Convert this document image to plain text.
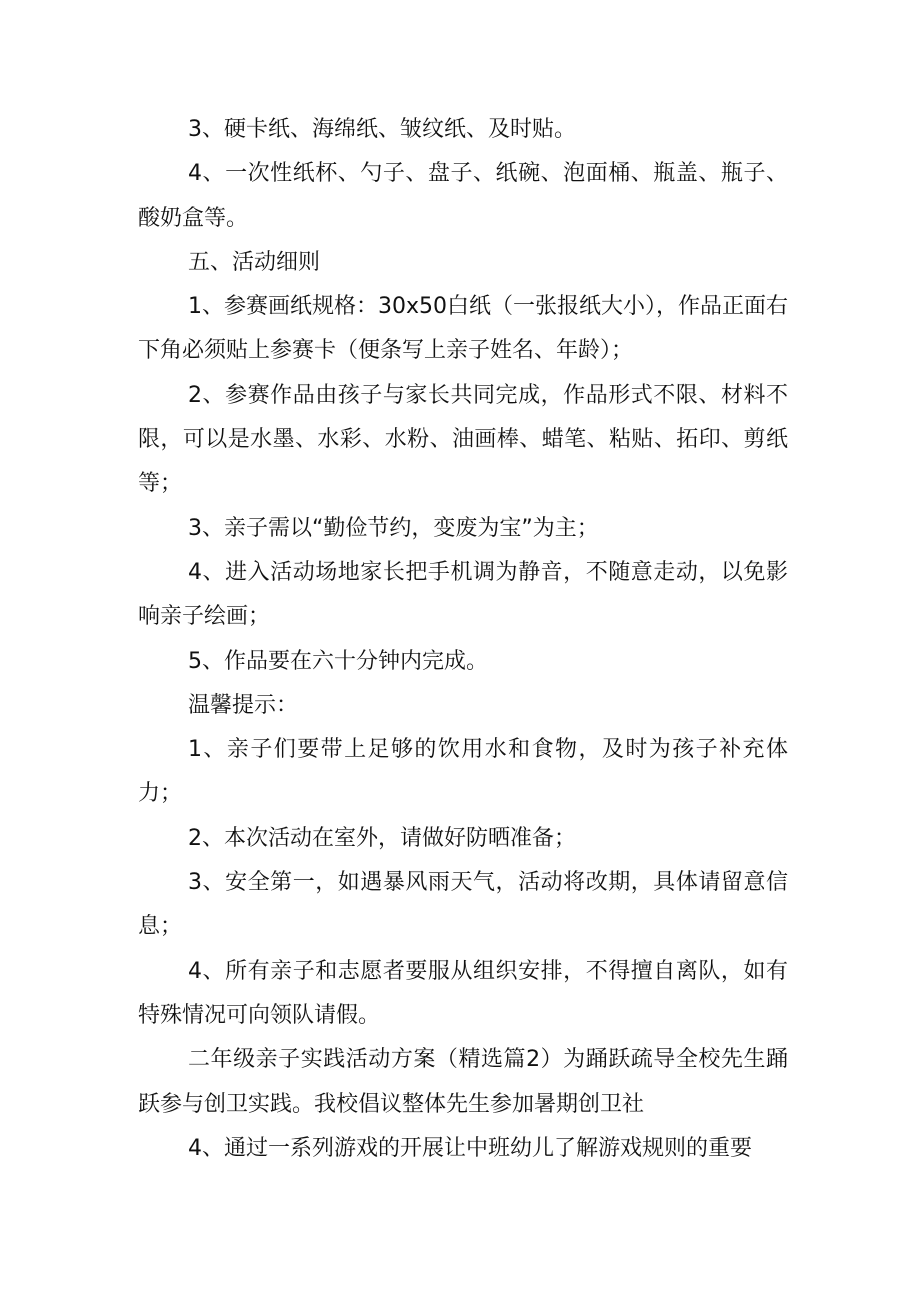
3、硬卡纸、海绵纸、皱纹纸、及时贴。

4、一次性纸杯、勺子、盘子、纸碗、泡面桶、瓶盖、瓶子、酸奶盒等。

五、活动细则

1、参赛画纸规格：30x50白纸（一张报纸大小），作品正面右下角必须贴上参赛卡（便条写上亲子姓名、年龄）；

2、参赛作品由孩子与家长共同完成，作品形式不限、材料不限，可以是水墨、水彩、水粉、油画棒、蜡笔、粘贴、拓印、剪纸等；

3、亲子需以“勤俭节约，变废为宝”为主；

4、进入活动场地家长把手机调为静音，不随意走动，以免影响亲子绘画；

5、作品要在六十分钟内完成。

温馨提示：

1、亲子们要带上足够的饮用水和食物，及时为孩子补充体力；

2、本次活动在室外，请做好防晒准备；

3、安全第一，如遇暴风雨天气，活动将改期，具体请留意信息；

4、所有亲子和志愿者要服从组织安排，不得擅自离队，如有特殊情况可向领队请假。

二年级亲子实践活动方案（精选篇2）为踊跃疏导全校先生踊跃参与创卫实践。我校倡议整体先生参加暑期创卫社

4、通过一系列游戏的开展让中班幼儿了解游戏规则的重要
